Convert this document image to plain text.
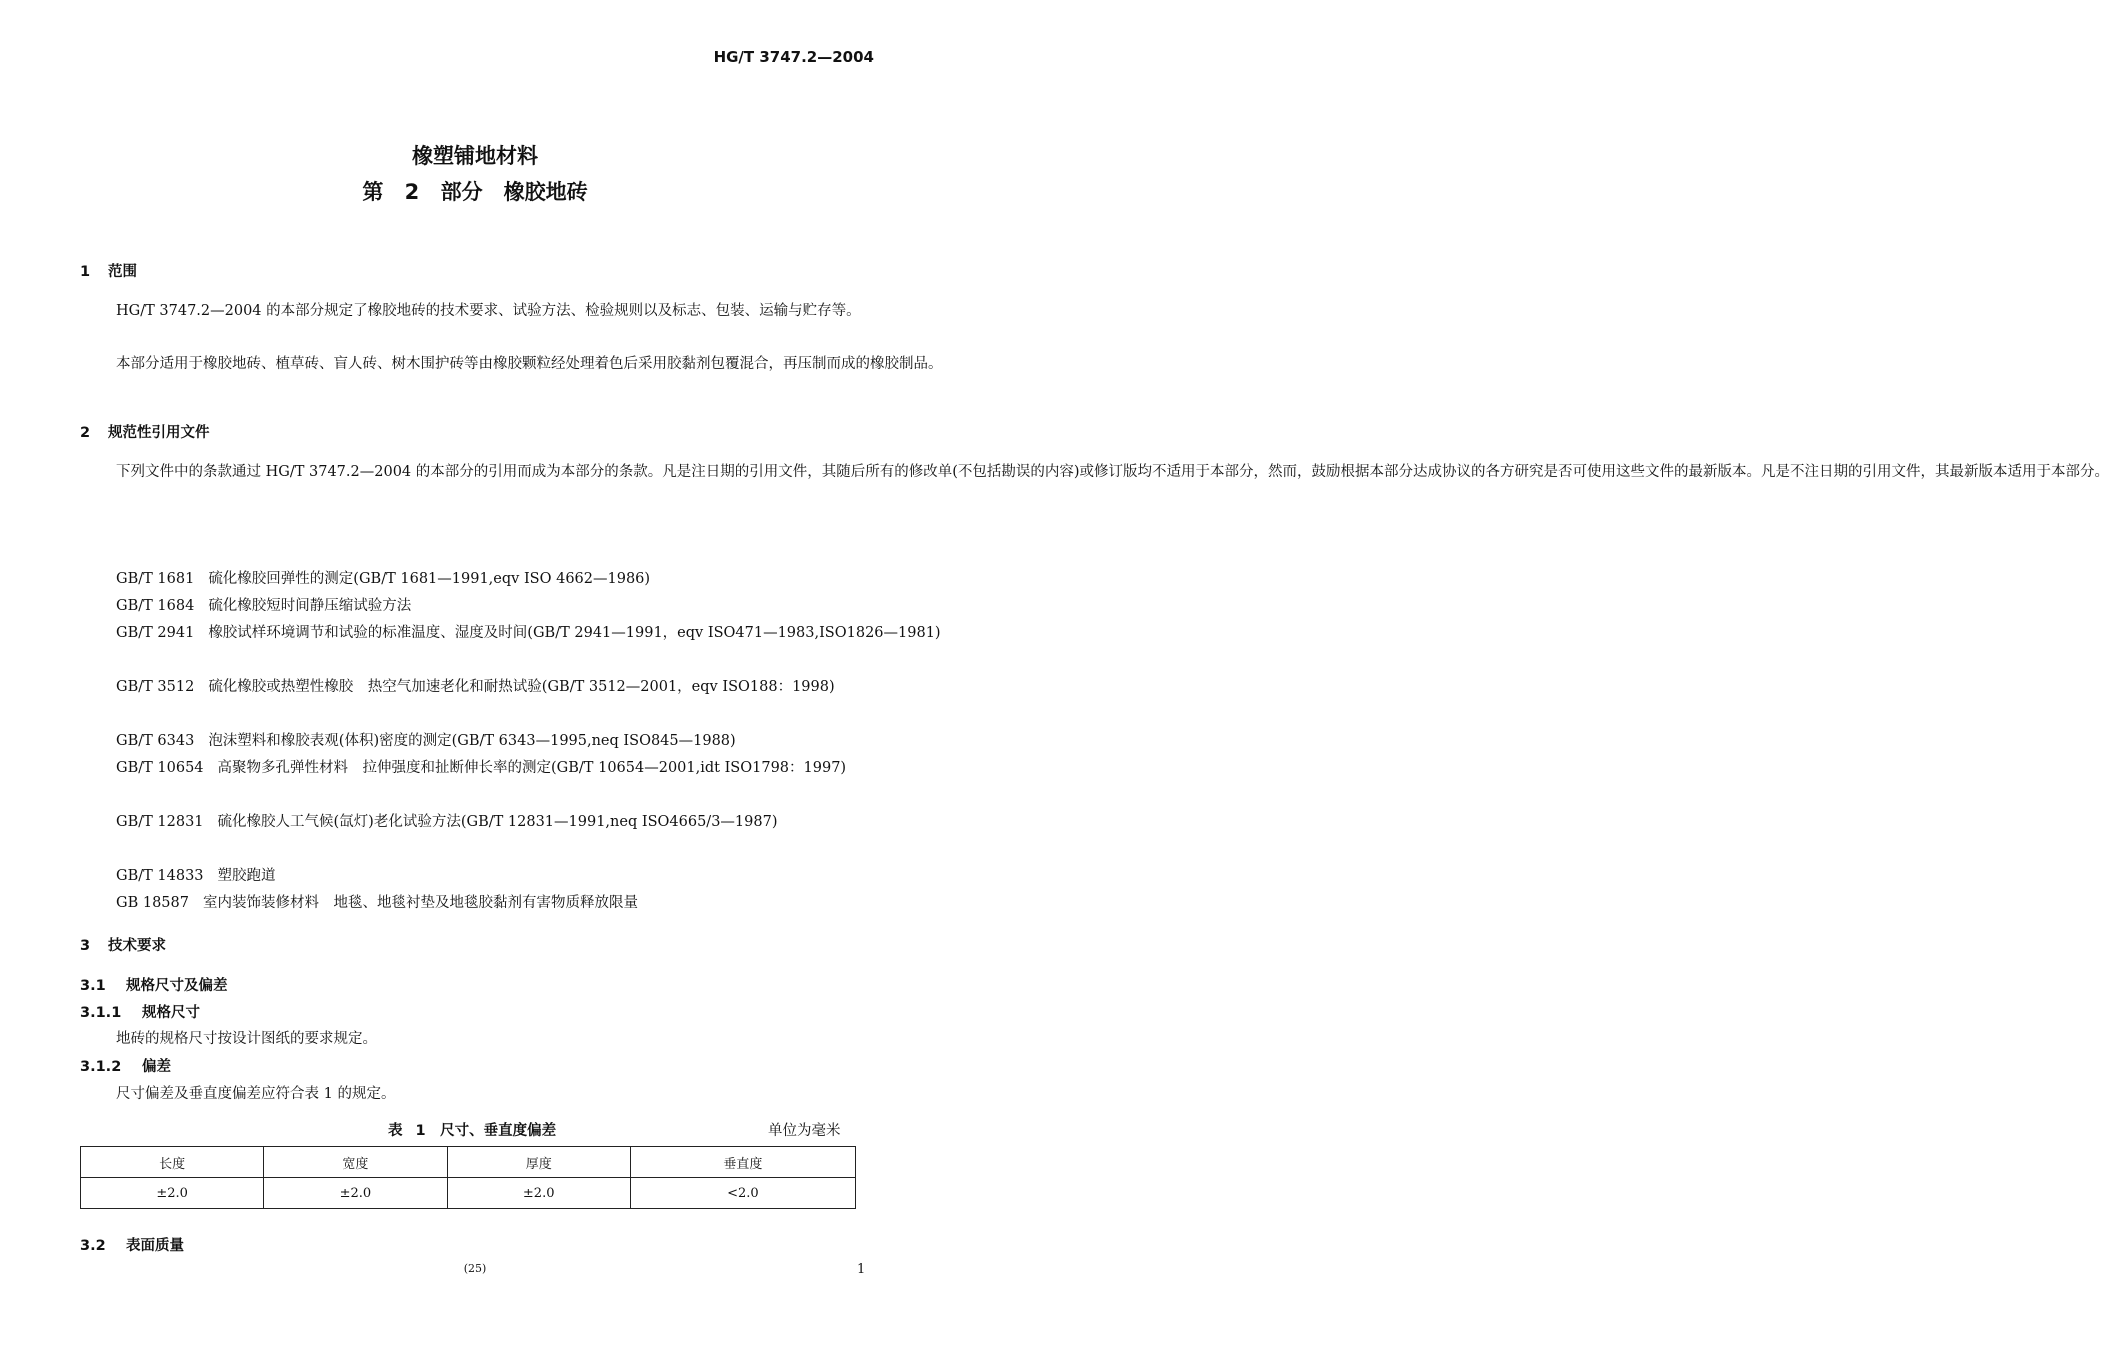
HG/T 3747.2—2004
橡塑铺地材料
第 2 部分　橡胶地砖
1 范围
HG/T 3747.2—2004 的本部分规定了橡胶地砖的技术要求、试验方法、检验规则以及标志、包装、运输与贮存等。
本部分适用于橡胶地砖、植草砖、盲人砖、树木围护砖等由橡胶颗粒经处理着色后采用胶黏剂包覆混合，再压制而成的橡胶制品。
2 规范性引用文件
下列文件中的条款通过 HG/T 3747.2—2004 的本部分的引用而成为本部分的条款。凡是注日期的引用文件，其随后所有的修改单(不包括勘误的内容)或修订版均不适用于本部分，然而，鼓励根据本部分达成协议的各方研究是否可使用这些文件的最新版本。凡是不注日期的引用文件，其最新版本适用于本部分。
GB/T 1681 硫化橡胶回弹性的测定(GB/T 1681—1991,eqv ISO 4662—1986)
GB/T 1684 硫化橡胶短时间静压缩试验方法
GB/T 2941 橡胶试样环境调节和试验的标准温度、湿度及时间(GB/T 2941—1991，eqv ISO471—1983,ISO1826—1981)
GB/T 3512 硫化橡胶或热塑性橡胶　热空气加速老化和耐热试验(GB/T 3512—2001，eqv ISO188：1998)
GB/T 6343 泡沫塑料和橡胶表观(体积)密度的测定(GB/T 6343—1995,neq ISO845—1988)
GB/T 10654 高聚物多孔弹性材料　拉伸强度和扯断伸长率的测定(GB/T 10654—2001,idt ISO1798：1997)
GB/T 12831 硫化橡胶人工气候(氙灯)老化试验方法(GB/T 12831—1991,neq ISO4665/3—1987)
GB/T 14833 塑胶跑道
GB 18587 室内装饰装修材料　地毯、地毯衬垫及地毯胶黏剂有害物质释放限量
3 技术要求
3.1 规格尺寸及偏差
3.1.1 规格尺寸
地砖的规格尺寸按设计图纸的要求规定。
3.1.2 偏差
尺寸偏差及垂直度偏差应符合表 1 的规定。
表 1　尺寸、垂直度偏差	单位为毫米
长度	宽度	厚度	垂直度
±2.0	±2.0	±2.0	<2.0
3.2 表面质量
(25)	1
